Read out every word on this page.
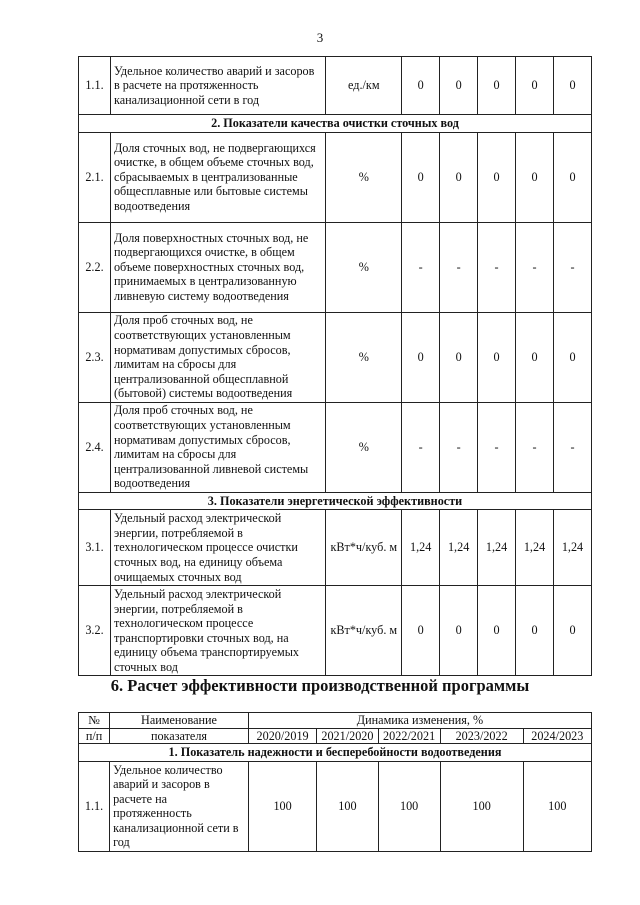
3
1.1.	Удельное количество аварий и засоров в расчете на протяженность канализационной сети в год	ед./км	0	0	0	0	0
2. Показатели качества очистки сточных вод							
2.1.	Доля сточных вод, не подвергающихся очистке, в общем объеме сточных вод, сбрасываемых в централизованные общесплавные или бытовые системы водоотведения	%	0	0	0	0	0
2.2.	Доля поверхностных сточных вод, не подвергающихся очистке, в общем объеме поверхностных сточных вод, принимаемых в централизованную ливневую систему водоотведения	%	-	-	-	-	-
2.3.	Доля проб сточных вод, не соответствующих установленным нормативам допустимых сбросов, лимитам на сбросы для централизованной общесплавной (бытовой) системы водоотведения	%	0	0	0	0	0
2.4.	Доля проб сточных вод, не соответствующих установленным нормативам допустимых сбросов, лимитам на сбросы для централизованной ливневой системы водоотведения	%	-	-	-	-	-
3. Показатели энергетической эффективности							
3.1.	Удельный расход электрической энергии, потребляемой в технологическом процессе очистки сточных вод, на единицу объема очищаемых сточных вод	кВт*ч/куб. м	1,24	1,24	1,24	1,24	1,24
3.2.	Удельный расход электрической энергии, потребляемой в технологическом процессе транспортировки сточных вод, на единицу объема транспортируемых сточных вод	кВт*ч/куб. м	0	0	0	0	0
6. Расчет эффективности производственной программы
№	Наименование	Динамика изменения, %				
п/п	показателя	2020/2019	2021/2020	2022/2021	2023/2022	2024/2023
1. Показатель надежности и бесперебойности водоотведения						
1.1.	Удельное количество аварий и засоров в расчете на протяженность канализационной сети в год	100	100	100	100	100
